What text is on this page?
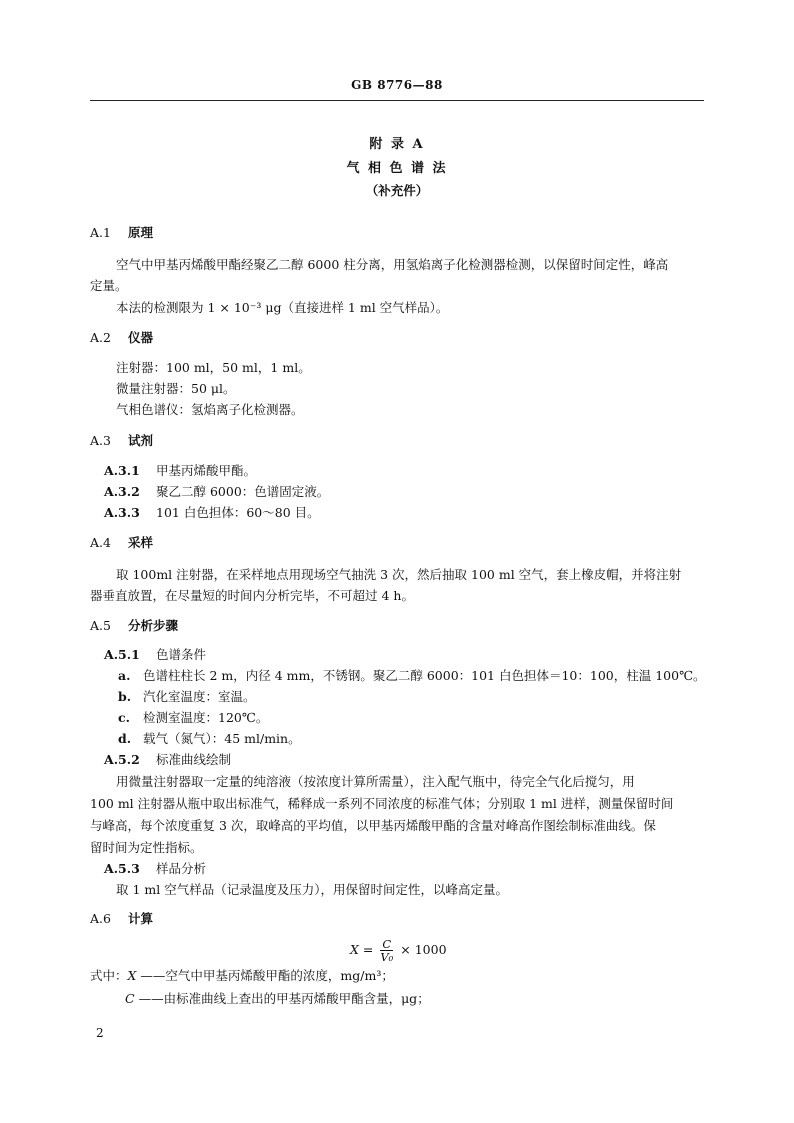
GB 8776—88
附 录 A
气 相 色 谱 法
（补充件）
A.1 原理
空气中甲基丙烯酸甲酯经聚乙二醇 6000 柱分离，用氢焰离子化检测器检测，以保留时间定性，峰高
定量。
本法的检测限为 1 × 10⁻³ μg（直接进样 1 ml 空气样品）。
A.2 仪器
注射器：100 ml，50 ml，1 ml。
微量注射器：50 μl。
气相色谱仪：氢焰离子化检测器。
A.3 试剂
A.3.1 甲基丙烯酸甲酯。
A.3.2 聚乙二醇 6000：色谱固定液。
A.3.3 101 白色担体：60～80 目。
A.4 采样
取 100ml 注射器，在采样地点用现场空气抽洗 3 次，然后抽取 100 ml 空气，套上橡皮帽，并将注射
器垂直放置，在尽量短的时间内分析完毕，不可超过 4 h。
A.5 分析步骤
A.5.1 色谱条件
a. 色谱柱柱长 2 m，内径 4 mm，不锈钢。聚乙二醇 6000：101 白色担体＝10：100，柱温 100℃。
b. 汽化室温度：室温。
c. 检测室温度：120℃。
d. 载气（氮气）：45 ml/min。
A.5.2 标准曲线绘制
用微量注射器取一定量的纯溶液（按浓度计算所需量），注入配气瓶中，待完全气化后搅匀，用
100 ml 注射器从瓶中取出标准气，稀释成一系列不同浓度的标准气体；分别取 1 ml 进样，测量保留时间
与峰高，每个浓度重复 3 次，取峰高的平均值，以甲基丙烯酸甲酯的含量对峰高作图绘制标准曲线。保
留时间为定性指标。
A.5.3 样品分析
取 1 ml 空气样品（记录温度及压力），用保留时间定性，以峰高定量。
A.6 计算
$X = \frac{C}{\text{V₀}} \times 1000$
式中：X ——空气中甲基丙烯酸甲酯的浓度，mg/m³；
C ——由标准曲线上查出的甲基丙烯酸甲酯含量，μg；
2
